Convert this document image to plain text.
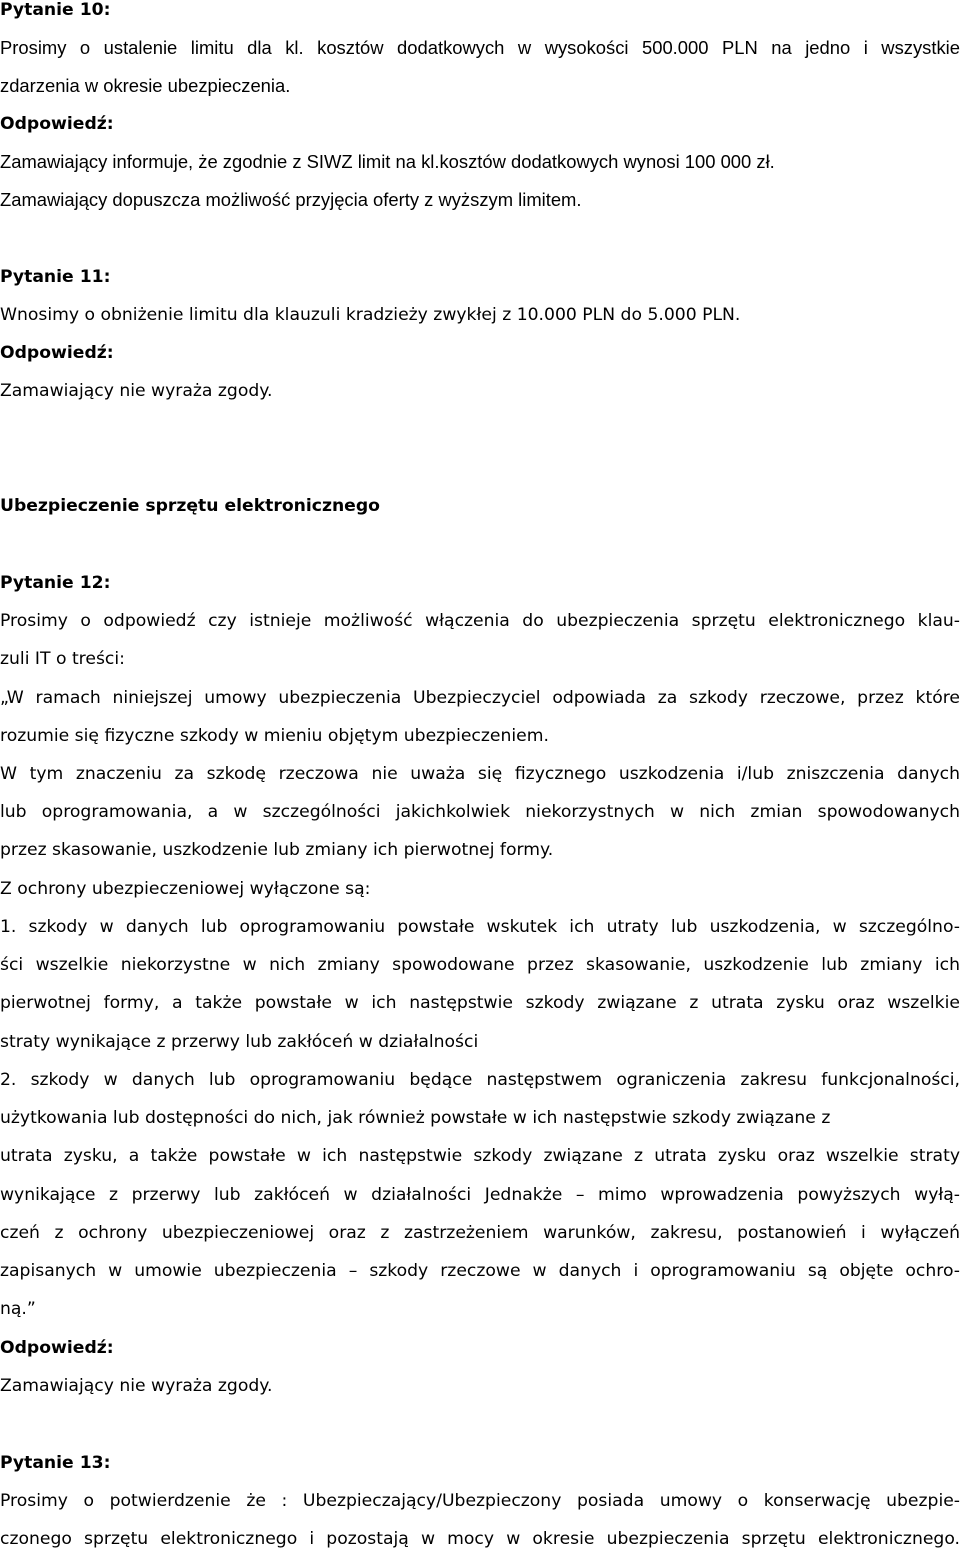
Pytanie 10:
Prosimy o ustalenie limitu dla kl. kosztów dodatkowych w wysokości 500.000 PLN na jedno i wszystkie
zdarzenia w okresie ubezpieczenia.
Odpowiedź:
Zamawiający informuje, że zgodnie z SIWZ limit na kl.kosztów dodatkowych wynosi 100 000 zł.
Zamawiający dopuszcza możliwość przyjęcia oferty z wyższym limitem.
Pytanie 11:
Wnosimy o obniżenie limitu dla klauzuli kradzieży zwykłej z 10.000 PLN do 5.000 PLN.
Odpowiedź:
Zamawiający nie wyraża zgody.
Ubezpieczenie sprzętu elektronicznego
Pytanie 12:
Prosimy o odpowiedź czy istnieje możliwość włączenia do ubezpieczenia sprzętu elektronicznego klau-
zuli IT o treści:
„W ramach niniejszej umowy ubezpieczenia Ubezpieczyciel odpowiada za szkody rzeczowe, przez które
rozumie się fizyczne szkody w mieniu objętym ubezpieczeniem.
W tym znaczeniu za szkodę rzeczowa nie uważa się fizycznego uszkodzenia i/lub zniszczenia danych
lub oprogramowania, a w szczególności jakichkolwiek niekorzystnych w nich zmian spowodowanych
przez skasowanie, uszkodzenie lub zmiany ich pierwotnej formy.
Z ochrony ubezpieczeniowej wyłączone są:
1. szkody w danych lub oprogramowaniu powstałe wskutek ich utraty lub uszkodzenia, w szczególno-
ści wszelkie niekorzystne w nich zmiany spowodowane przez skasowanie, uszkodzenie lub zmiany ich
pierwotnej formy, a także powstałe w ich następstwie szkody związane z utrata zysku oraz wszelkie
straty wynikające z przerwy lub zakłóceń w działalności
2. szkody w danych lub oprogramowaniu będące następstwem ograniczenia zakresu funkcjonalności,
użytkowania lub dostępności do nich, jak również powstałe w ich następstwie szkody związane z
utrata zysku, a także powstałe w ich następstwie szkody związane z utrata zysku oraz wszelkie straty
wynikające z przerwy lub zakłóceń w działalności Jednakże – mimo wprowadzenia powyższych wyłą-
czeń z ochrony ubezpieczeniowej oraz z zastrzeżeniem warunków, zakresu, postanowień i wyłączeń
zapisanych w umowie ubezpieczenia – szkody rzeczowe w danych i oprogramowaniu są objęte ochro-
ną.”
Odpowiedź:
Zamawiający nie wyraża zgody.
Pytanie 13:
Prosimy o potwierdzenie że : Ubezpieczający/Ubezpieczony posiada umowy o konserwację ubezpie-
czonego sprzętu elektronicznego i pozostają w mocy w okresie ubezpieczenia sprzętu elektronicznego.
